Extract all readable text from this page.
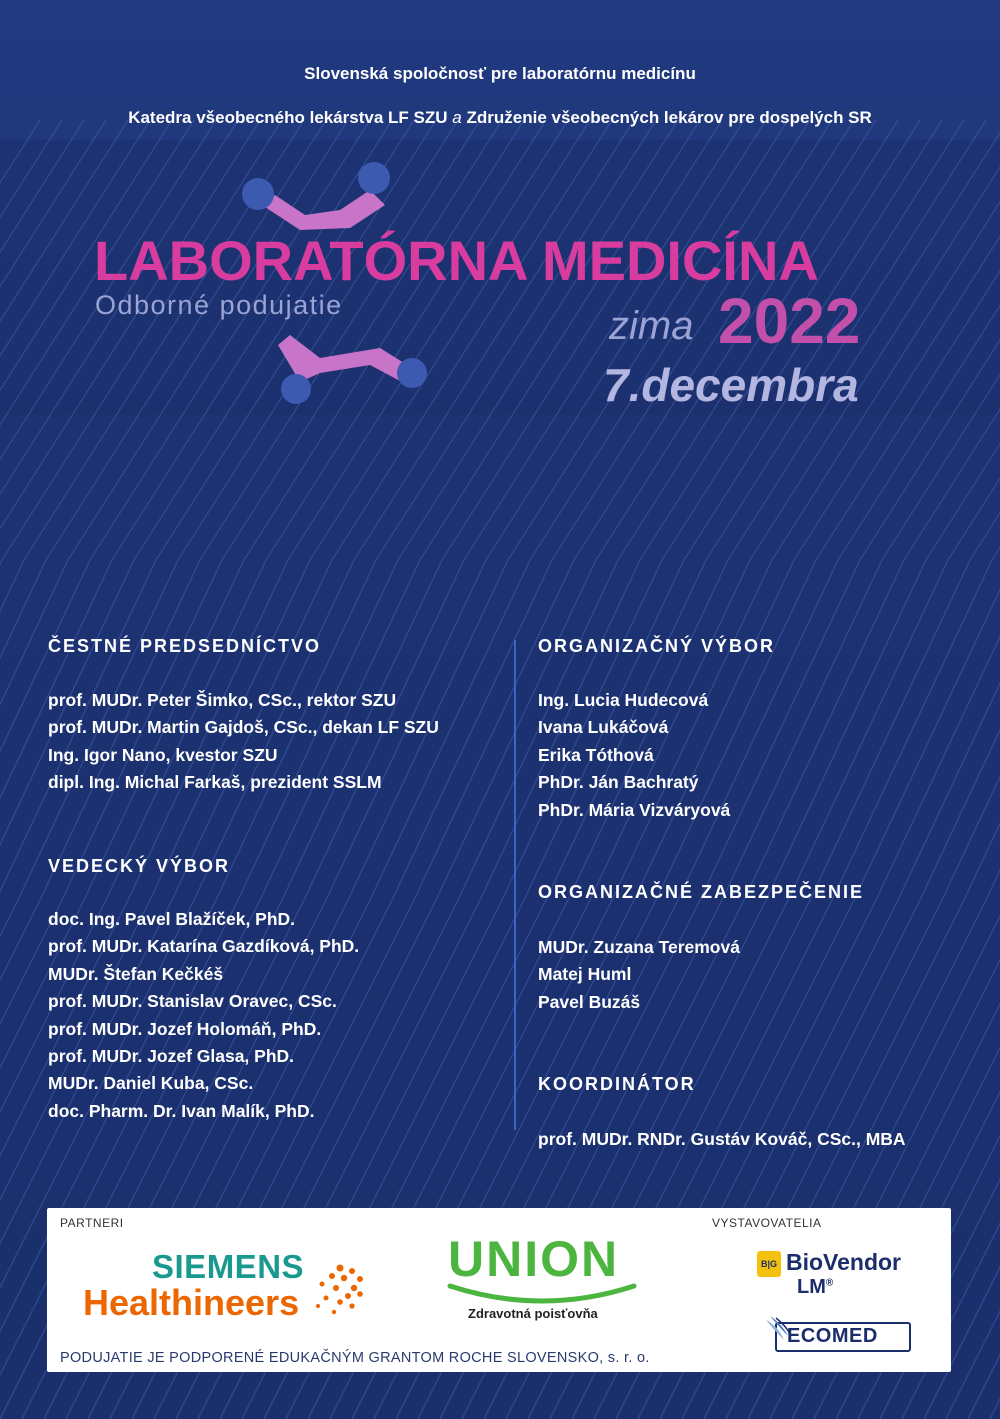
Slovenská spoločnosť pre laboratórnu medicínu
Katedra všeobecného lekárstva LF SZU a Združenie všeobecných lekárov pre dospelých SR
LABORATÓRNA MEDICÍNA
Odborné podujatie	zima 2022
7.decembra
ČESTNÉ PREDSEDNÍCTVO
prof. MUDr. Peter Šimko, CSc., rektor SZU
prof. MUDr. Martin Gajdoš, CSc., dekan LF SZU
Ing. Igor Nano, kvestor SZU
dipl. Ing. Michal Farkaš, prezident SSLM
VEDECKÝ VÝBOR
doc. Ing. Pavel Blažíček, PhD.
prof. MUDr. Katarína Gazdíková, PhD.
MUDr. Štefan Kečkéš
prof. MUDr. Stanislav Oravec, CSc.
prof. MUDr. Jozef Holomáň, PhD.
prof. MUDr. Jozef Glasa, PhD.
MUDr. Daniel Kuba, CSc.
doc. Pharm. Dr. Ivan Malík, PhD.
ORGANIZAČNÝ VÝBOR
Ing. Lucia Hudecová
Ivana Lukáčová
Erika Tóthová
PhDr. Ján Bachratý
PhDr. Mária Vizváryová
ORGANIZAČNÉ ZABEZPEČENIE
MUDr. Zuzana Teremová
Matej Huml
Pavel Buzáš
KOORDINÁTOR
prof. MUDr. RNDr. Gustáv Kováč, CSc., MBA
PARTNERI	VYSTAVOVATELIA
SIEMENS
Healthineers
UNION
Zdravotná poisťovňa
B|G BioVendor
LM®
ECOMED
PODUJATIE JE PODPORENÉ EDUKAČNÝM GRANTOM ROCHE SLOVENSKO, s. r. o.
